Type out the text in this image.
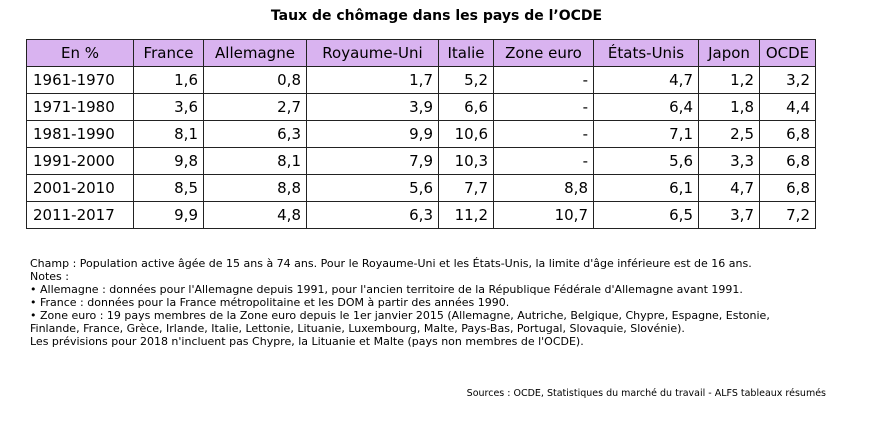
Taux de chômage dans les pays de l’OCDE
En %	France	Allemagne	Royaume-Uni	Italie	Zone euro	États-Unis	Japon	OCDE
1961-1970	1,6	0,8	1,7	5,2	-	4,7	1,2	3,2
1971-1980	3,6	2,7	3,9	6,6	-	6,4	1,8	4,4
1981-1990	8,1	6,3	9,9	10,6	-	7,1	2,5	6,8
1991-2000	9,8	8,1	7,9	10,3	-	5,6	3,3	6,8
2001-2010	8,5	8,8	5,6	7,7	8,8	6,1	4,7	6,8
2011-2017	9,9	4,8	6,3	11,2	10,7	6,5	3,7	7,2
Champ : Population active âgée de 15 ans à 74 ans. Pour le Royaume-Uni et les États-Unis, la limite d'âge inférieure est de 16 ans.
Notes :
• Allemagne : données pour l'Allemagne depuis 1991, pour l'ancien territoire de la République Fédérale d'Allemagne avant 1991.
• France : données pour la France métropolitaine et les DOM à partir des années 1990.
• Zone euro : 19 pays membres de la Zone euro depuis le 1er janvier 2015 (Allemagne, Autriche, Belgique, Chypre, Espagne, Estonie, Finlande, France, Grèce, Irlande, Italie, Lettonie, Lituanie, Luxembourg, Malte, Pays-Bas, Portugal, Slovaquie, Slovénie).
Les prévisions pour 2018 n'incluent pas Chypre, la Lituanie et Malte (pays non membres de l'OCDE).
Sources : OCDE, Statistiques du marché du travail - ALFS tableaux résumés
